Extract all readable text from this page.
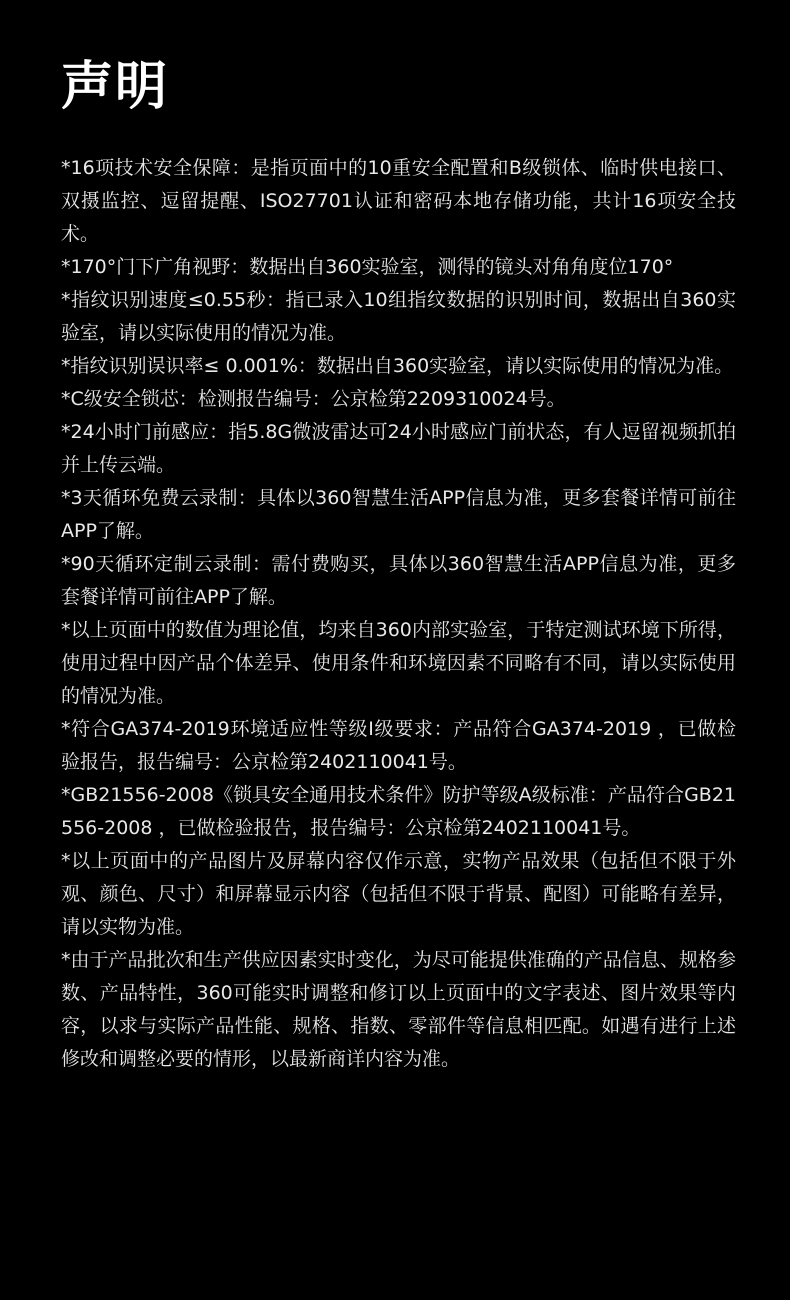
声明

*16项技术安全保障：是指页面中的10重安全配置和B级锁体、临时供电接口、双摄监控、逗留提醒、ISO27701认证和密码本地存储功能，共计16项安全技术。

*170°门下广角视野：数据出自360实验室，测得的镜头对角角度位170°

*指纹识别速度≤0.55秒：指已录入10组指纹数据的识别时间，数据出自360实验室，请以实际使用的情况为准。

*指纹识别误识率≤ 0.001%：数据出自360实验室，请以实际使用的情况为准。

*C级安全锁芯：检测报告编号：公京检第2209310024号。

*24小时门前感应：指5.8G微波雷达可24小时感应门前状态，有人逗留视频抓拍并上传云端。

*3天循环免费云录制：具体以360智慧生活APP信息为准，更多套餐详情可前往APP了解。

*90天循环定制云录制：需付费购买，具体以360智慧生活APP信息为准，更多套餐详情可前往APP了解。

*以上页面中的数值为理论值，均来自360内部实验室，于特定测试环境下所得，使用过程中因产品个体差异、使用条件和环境因素不同略有不同，请以实际使用的情况为准。

*符合GA374-2019环境适应性等级Ⅰ级要求：产品符合GA374-2019 ，已做检验报告，报告编号：公京检第2402110041号。

*GB21556-2008《锁具安全通用技术条件》防护等级A级标准：产品符合GB21556-2008 ，已做检验报告，报告编号：公京检第2402110041号。

*以上页面中的产品图片及屏幕内容仅作示意，实物产品效果（包括但不限于外观、颜色、尺寸）和屏幕显示内容（包括但不限于背景、配图）可能略有差异，请以实物为准。

*由于产品批次和生产供应因素实时变化，为尽可能提供准确的产品信息、规格参数、产品特性，360可能实时调整和修订以上页面中的文字表述、图片效果等内容，以求与实际产品性能、规格、指数、零部件等信息相匹配。如遇有进行上述修改和调整必要的情形，以最新商详内容为准。
